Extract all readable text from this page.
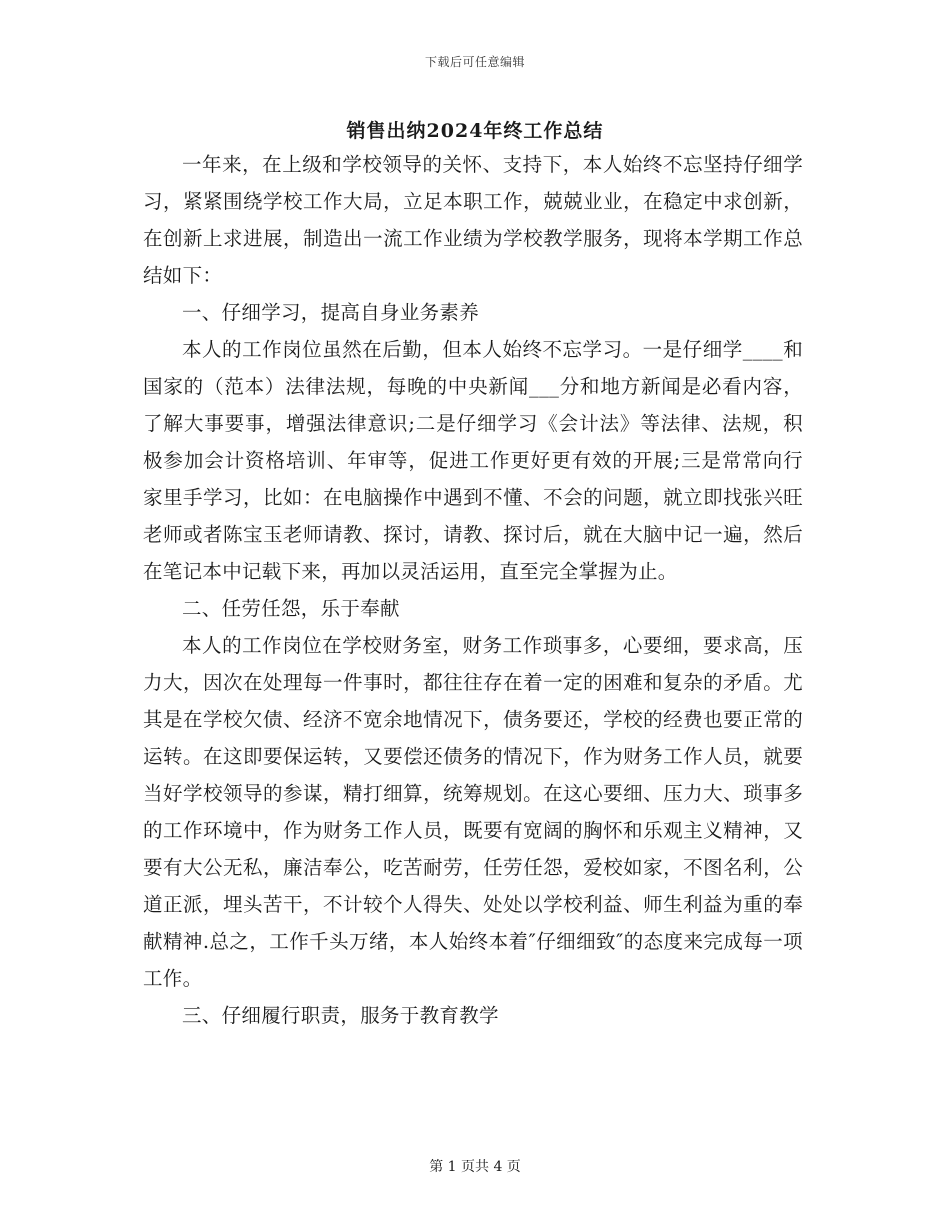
下载后可任意编辑
销售出纳2024年终工作总结

一年来，在上级和学校领导的关怀、支持下，本人始终不忘坚持仔细学习，紧紧围绕学校工作大局，立足本职工作，兢兢业业，在稳定中求创新，在创新上求进展，制造出一流工作业绩为学校教学服务，现将本学期工作总结如下：

一、仔细学习，提高自身业务素养

本人的工作岗位虽然在后勤，但本人始终不忘学习。一是仔细学____和国家的（范本）法律法规，每晚的中央新闻___分和地方新闻是必看内容，了解大事要事，增强法律意识;二是仔细学习《会计法》等法律、法规，积极参加会计资格培训、年审等，促进工作更好更有效的开展;三是常常向行家里手学习，比如：在电脑操作中遇到不懂、不会的问题，就立即找张兴旺老师或者陈宝玉老师请教、探讨，请教、探讨后，就在大脑中记一遍，然后在笔记本中记载下来，再加以灵活运用，直至完全掌握为止。

二、任劳任怨，乐于奉献

本人的工作岗位在学校财务室，财务工作琐事多，心要细，要求高，压力大，因次在处理每一件事时，都往往存在着一定的困难和复杂的矛盾。尤其是在学校欠债、经济不宽余地情况下，债务要还，学校的经费也要正常的运转。在这即要保运转，又要偿还债务的情况下，作为财务工作人员，就要当好学校领导的参谋，精打细算，统筹规划。在这心要细、压力大、琐事多的工作环境中，作为财务工作人员，既要有宽阔的胸怀和乐观主义精神，又要有大公无私，廉洁奉公，吃苦耐劳，任劳任怨，爱校如家，不图名利，公道正派，埋头苦干，不计较个人得失、处处以学校利益、师生利益为重的奉献精神.总之，工作千头万绪，本人始终本着″仔细细致″的态度来完成每一项工作。

三、仔细履行职责，服务于教育教学

第 1 页共 4 页
